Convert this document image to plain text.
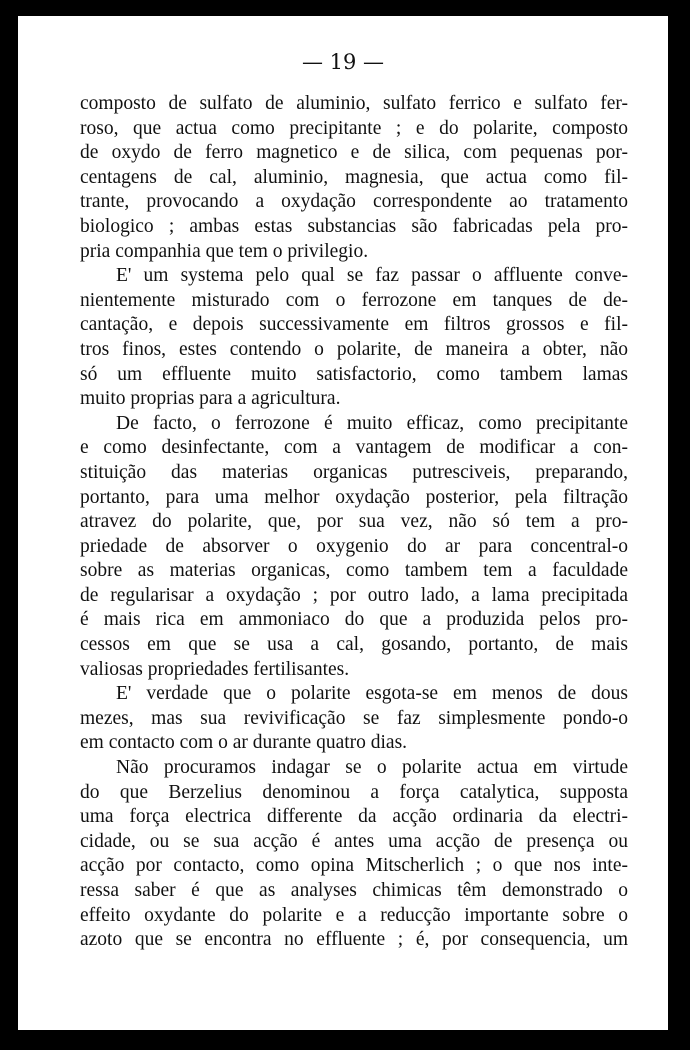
— 19 —
composto de sulfato de aluminio, sulfato ferrico e sulfato fer-
roso, que actua como precipitante ; e do polarite, composto
de oxydo de ferro magnetico e de silica, com pequenas por-
centagens de cal, aluminio, magnesia, que actua como fil-
trante, provocando a oxydação correspondente ao tratamento
biologico ; ambas estas substancias são fabricadas pela pro-
pria companhia que tem o privilegio.
E' um systema pelo qual se faz passar o affluente conve-
nientemente misturado com o ferrozone em tanques de de-
cantação, e depois successivamente em filtros grossos e fil-
tros finos, estes contendo o polarite, de maneira a obter, não
só um effluente muito satisfactorio, como tambem lamas
muito proprias para a agricultura.
De facto, o ferrozone é muito efficaz, como precipitante
e como desinfectante, com a vantagem de modificar a con-
stituição das materias organicas putresciveis, preparando,
portanto, para uma melhor oxydação posterior, pela filtração
atravez do polarite, que, por sua vez, não só tem a pro-
priedade de absorver o oxygenio do ar para concentral-o
sobre as materias organicas, como tambem tem a faculdade
de regularisar a oxydação ; por outro lado, a lama precipitada
é mais rica em ammoniaco do que a produzida pelos pro-
cessos em que se usa a cal, gosando, portanto, de mais
valiosas propriedades fertilisantes.
E' verdade que o polarite esgota-se em menos de dous
mezes, mas sua revivificação se faz simplesmente pondo-o
em contacto com o ar durante quatro dias.
Não procuramos indagar se o polarite actua em virtude
do que Berzelius denominou a força catalytica, supposta
uma força electrica differente da acção ordinaria da electri-
cidade, ou se sua acção é antes uma acção de presença ou
acção por contacto, como opina Mitscherlich ; o que nos inte-
ressa saber é que as analyses chimicas têm demonstrado o
effeito oxydante do polarite e a reducção importante sobre o
azoto que se encontra no effluente ; é, por consequencia, um
